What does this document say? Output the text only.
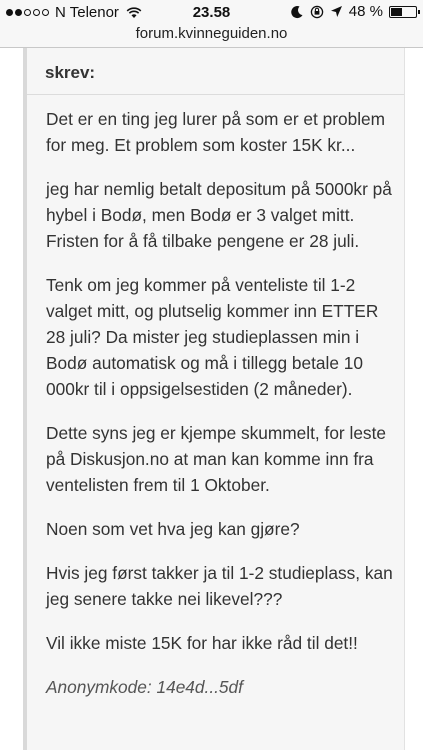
N Telenor	23.58	48 %
forum.kvinneguiden.no
skrev:

Det er en ting jeg lurer på som er et problem for meg. Et problem som koster 15K kr...

jeg har nemlig betalt depositum på 5000kr på hybel i Bodø, men Bodø er 3 valget mitt. Fristen for å få tilbake pengene er 28 juli.

Tenk om jeg kommer på venteliste til 1-2 valget mitt, og plutselig kommer inn ETTER 28 juli? Da mister jeg studieplassen min i Bodø automatisk og må i tillegg betale 10 000kr til i oppsigelsestiden (2 måneder).

Dette syns jeg er kjempe skummelt, for leste på Diskusjon.no at man kan komme inn fra ventelisten frem til 1 Oktober.

Noen som vet hva jeg kan gjøre?

Hvis jeg først takker ja til 1-2 studieplass, kan jeg senere takke nei likevel???

Vil ikke miste 15K for har ikke råd til det!!

Anonymkode: 14e4d...5df
